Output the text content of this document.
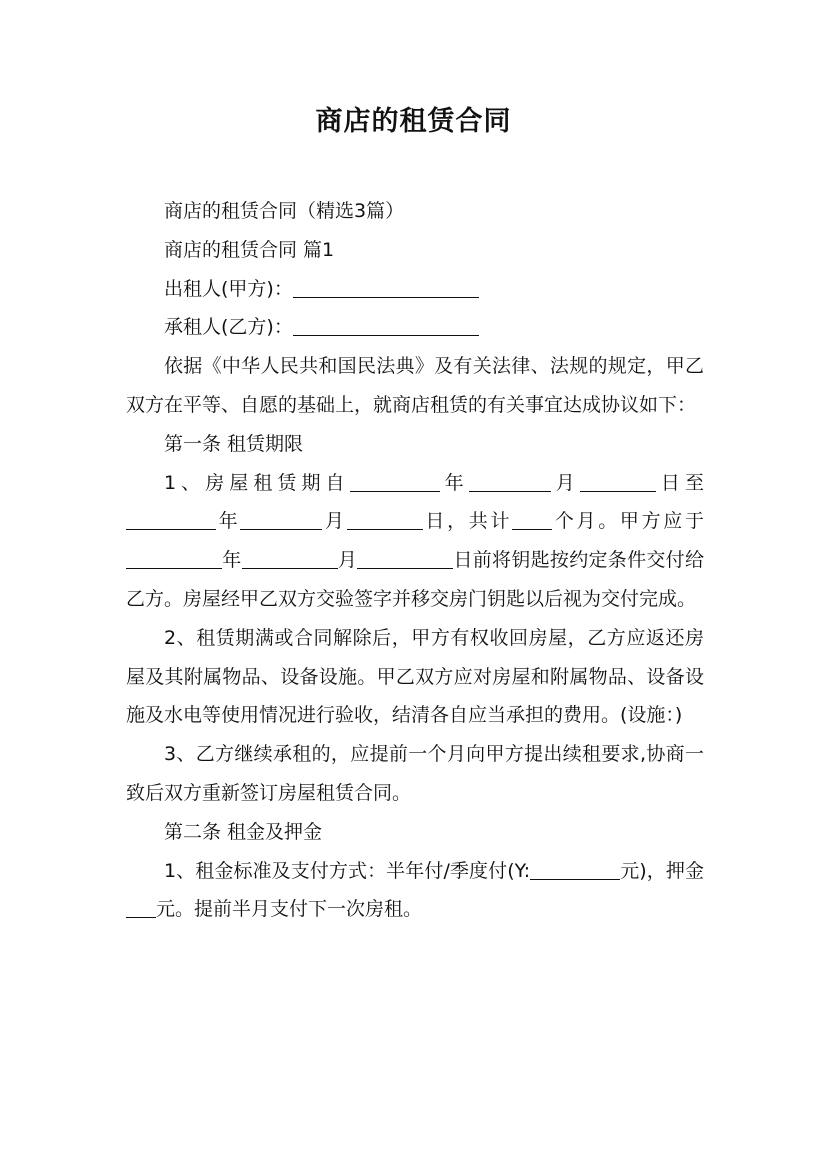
商店的租赁合同

商店的租赁合同（精选3篇）

商店的租赁合同 篇1

出租人(甲方)：

承租人(乙方)：

依据《中华人民共和国民法典》及有关法律、法规的规定，甲乙双方在平等、自愿的基础上，就商店租赁的有关事宜达成协议如下：

第一条 租赁期限

1、房屋租赁期自	年	月	日至年	月	日，共计 个月。甲方应于年	月	日前将钥匙按约定条件交付给乙方。房屋经甲乙双方交验签字并移交房门钥匙以后视为交付完成。

2、租赁期满或合同解除后，甲方有权收回房屋，乙方应返还房屋及其附属物品、设备设施。甲乙双方应对房屋和附属物品、设备设施及水电等使用情况进行验收，结清各自应当承担的费用。(设施：)

3、乙方继续承租的，应提前一个月向甲方提出续租要求,协商一致后双方重新签订房屋租赁合同。

第二条 租金及押金

1、租金标准及支付方式：半年付/季度付(Y:	元)，押金元。提前半月支付下一次房租。
